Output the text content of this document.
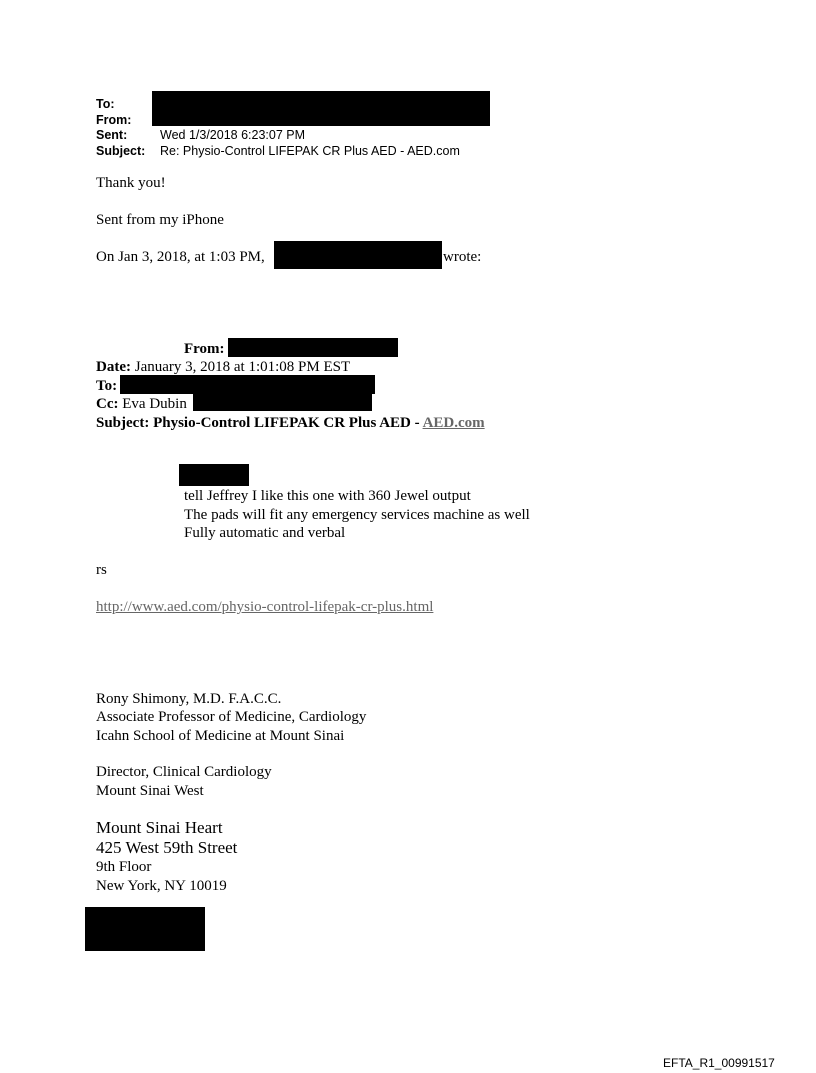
To:
From:
Sent:	Wed 1/3/2018 6:23:07 PM
Subject: Re: Physio-Control LIFEPAK CR Plus AED - AED.com
Thank you!
Sent from my iPhone
On Jan 3, 2018, at 1:03 PM,	wrote:
From:
Date: January 3, 2018 at 1:01:08 PM EST
To:
Cc: Eva Dubin
Subject: Physio-Control LIFEPAK CR Plus AED - AED.com
tell Jeffrey I like this one with 360 Jewel output
The pads will fit any emergency services machine as well
Fully automatic and verbal
rs
http://www.aed.com/physio-control-lifepak-cr-plus.html
Rony Shimony, M.D. F.A.C.C.
Associate Professor of Medicine, Cardiology
Icahn School of Medicine at Mount Sinai
Director, Clinical Cardiology
Mount Sinai West
Mount Sinai Heart
425 West 59th Street
9th Floor
New York, NY 10019
EFTA_R1_00991517
